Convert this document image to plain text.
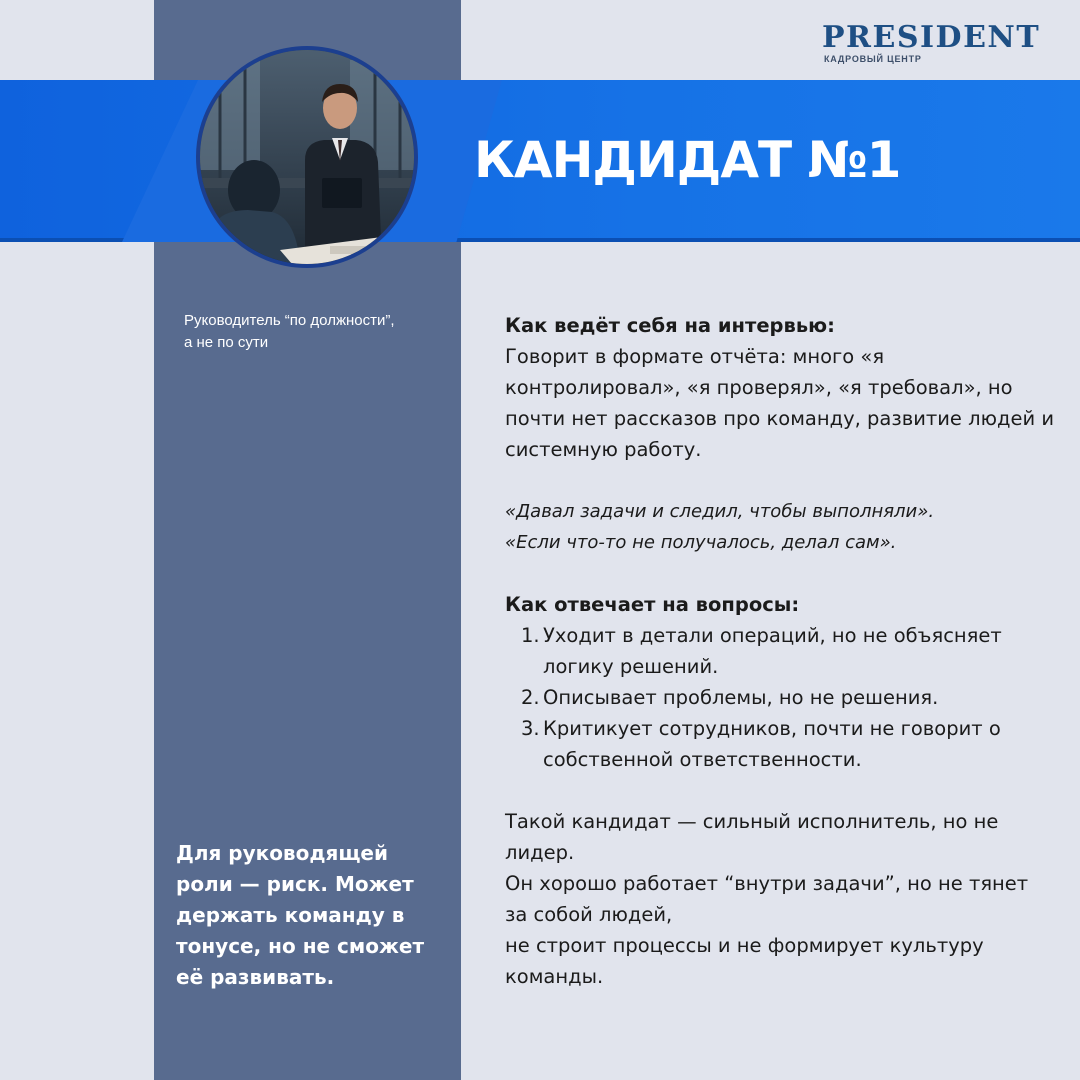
PRESIDENT
КАДРОВЫЙ ЦЕНТР
КАНДИДАТ №1
Руководитель “по должности”,
а не по сути
Для руководящей роли — риск. Может держать команду в тонусе, но не сможет её развивать.

Как ведёт себя на интервью:

Говорит в формате отчёта: много «я контролировал», «я проверял», «я требовал», но почти нет рассказов про команду, развитие людей и системную работу.

«Давал задачи и следил, чтобы выполняли».

«Если что-то не получалось, делал сам».

Как отвечает на вопросы:

1. Уходит в детали операций, но не объясняет логику решений.
2. Описывает проблемы, но не решения.
3. Критикует сотрудников, почти не говорит о собственной ответственности.

Такой кандидат — сильный исполнитель, но не лидер.

Он хорошо работает “внутри задачи”, но не тянет за собой людей,

не строит процессы и не формирует культуру команды.
